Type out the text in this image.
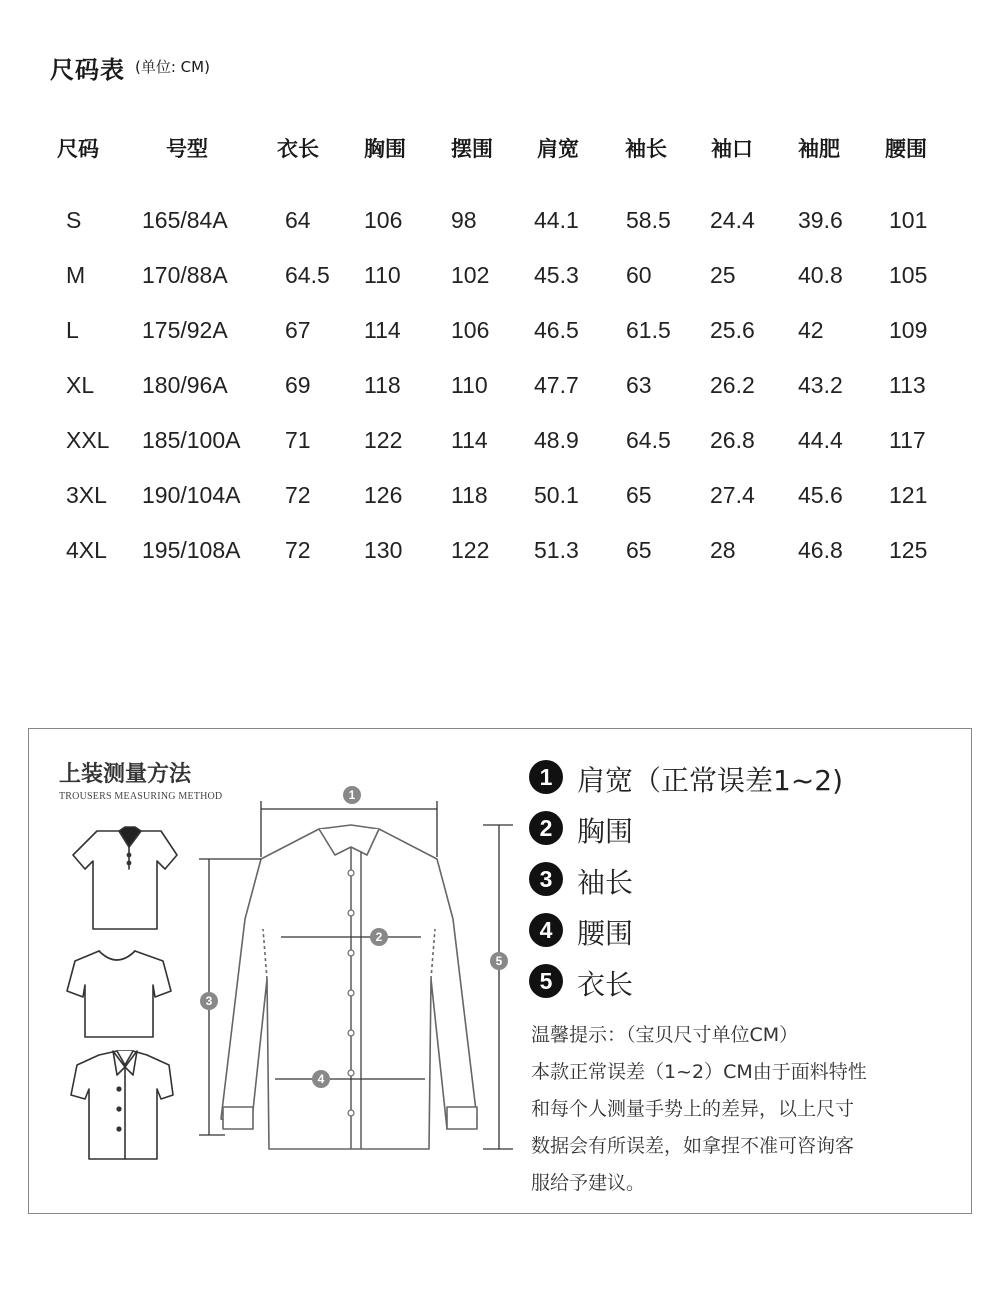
尺码表 (单位: CM)
尺码	号型	衣长 胸围 摆围 肩宽 袖长 袖口 袖肥 腰围
S	165/84A 64 106 98 44.1 58.5 24.4 39.6 101
M 170/88A 64.5 110 102 45.3 60	25	40.8 105
L	175/92A 67 114 106 46.5 61.5 25.6 42	109
XL 180/96A 69 118 110 47.7 63	26.2 43.2 113
XXL 185/100A 71 122 114 48.9 64.5 26.8 44.4 117
3XL 190/104A 72 126 118 50.1 65	27.4 45.6 121
4XL 195/108A 72 130 122 51.3 65	28	46.8 125
上装测量方法
TROUSERS MEASURING METHOD	1
2
3
4
5
1 肩宽（正常误差1~2)
2 胸围
3 袖长
4 腰围
5 衣长

温馨提示：（宝贝尺寸单位CM）

本款正常误差（1~2）CM由于面料特性

和每个人测量手势上的差异，以上尺寸

数据会有所误差，如拿捏不准可咨询客

服给予建议。
